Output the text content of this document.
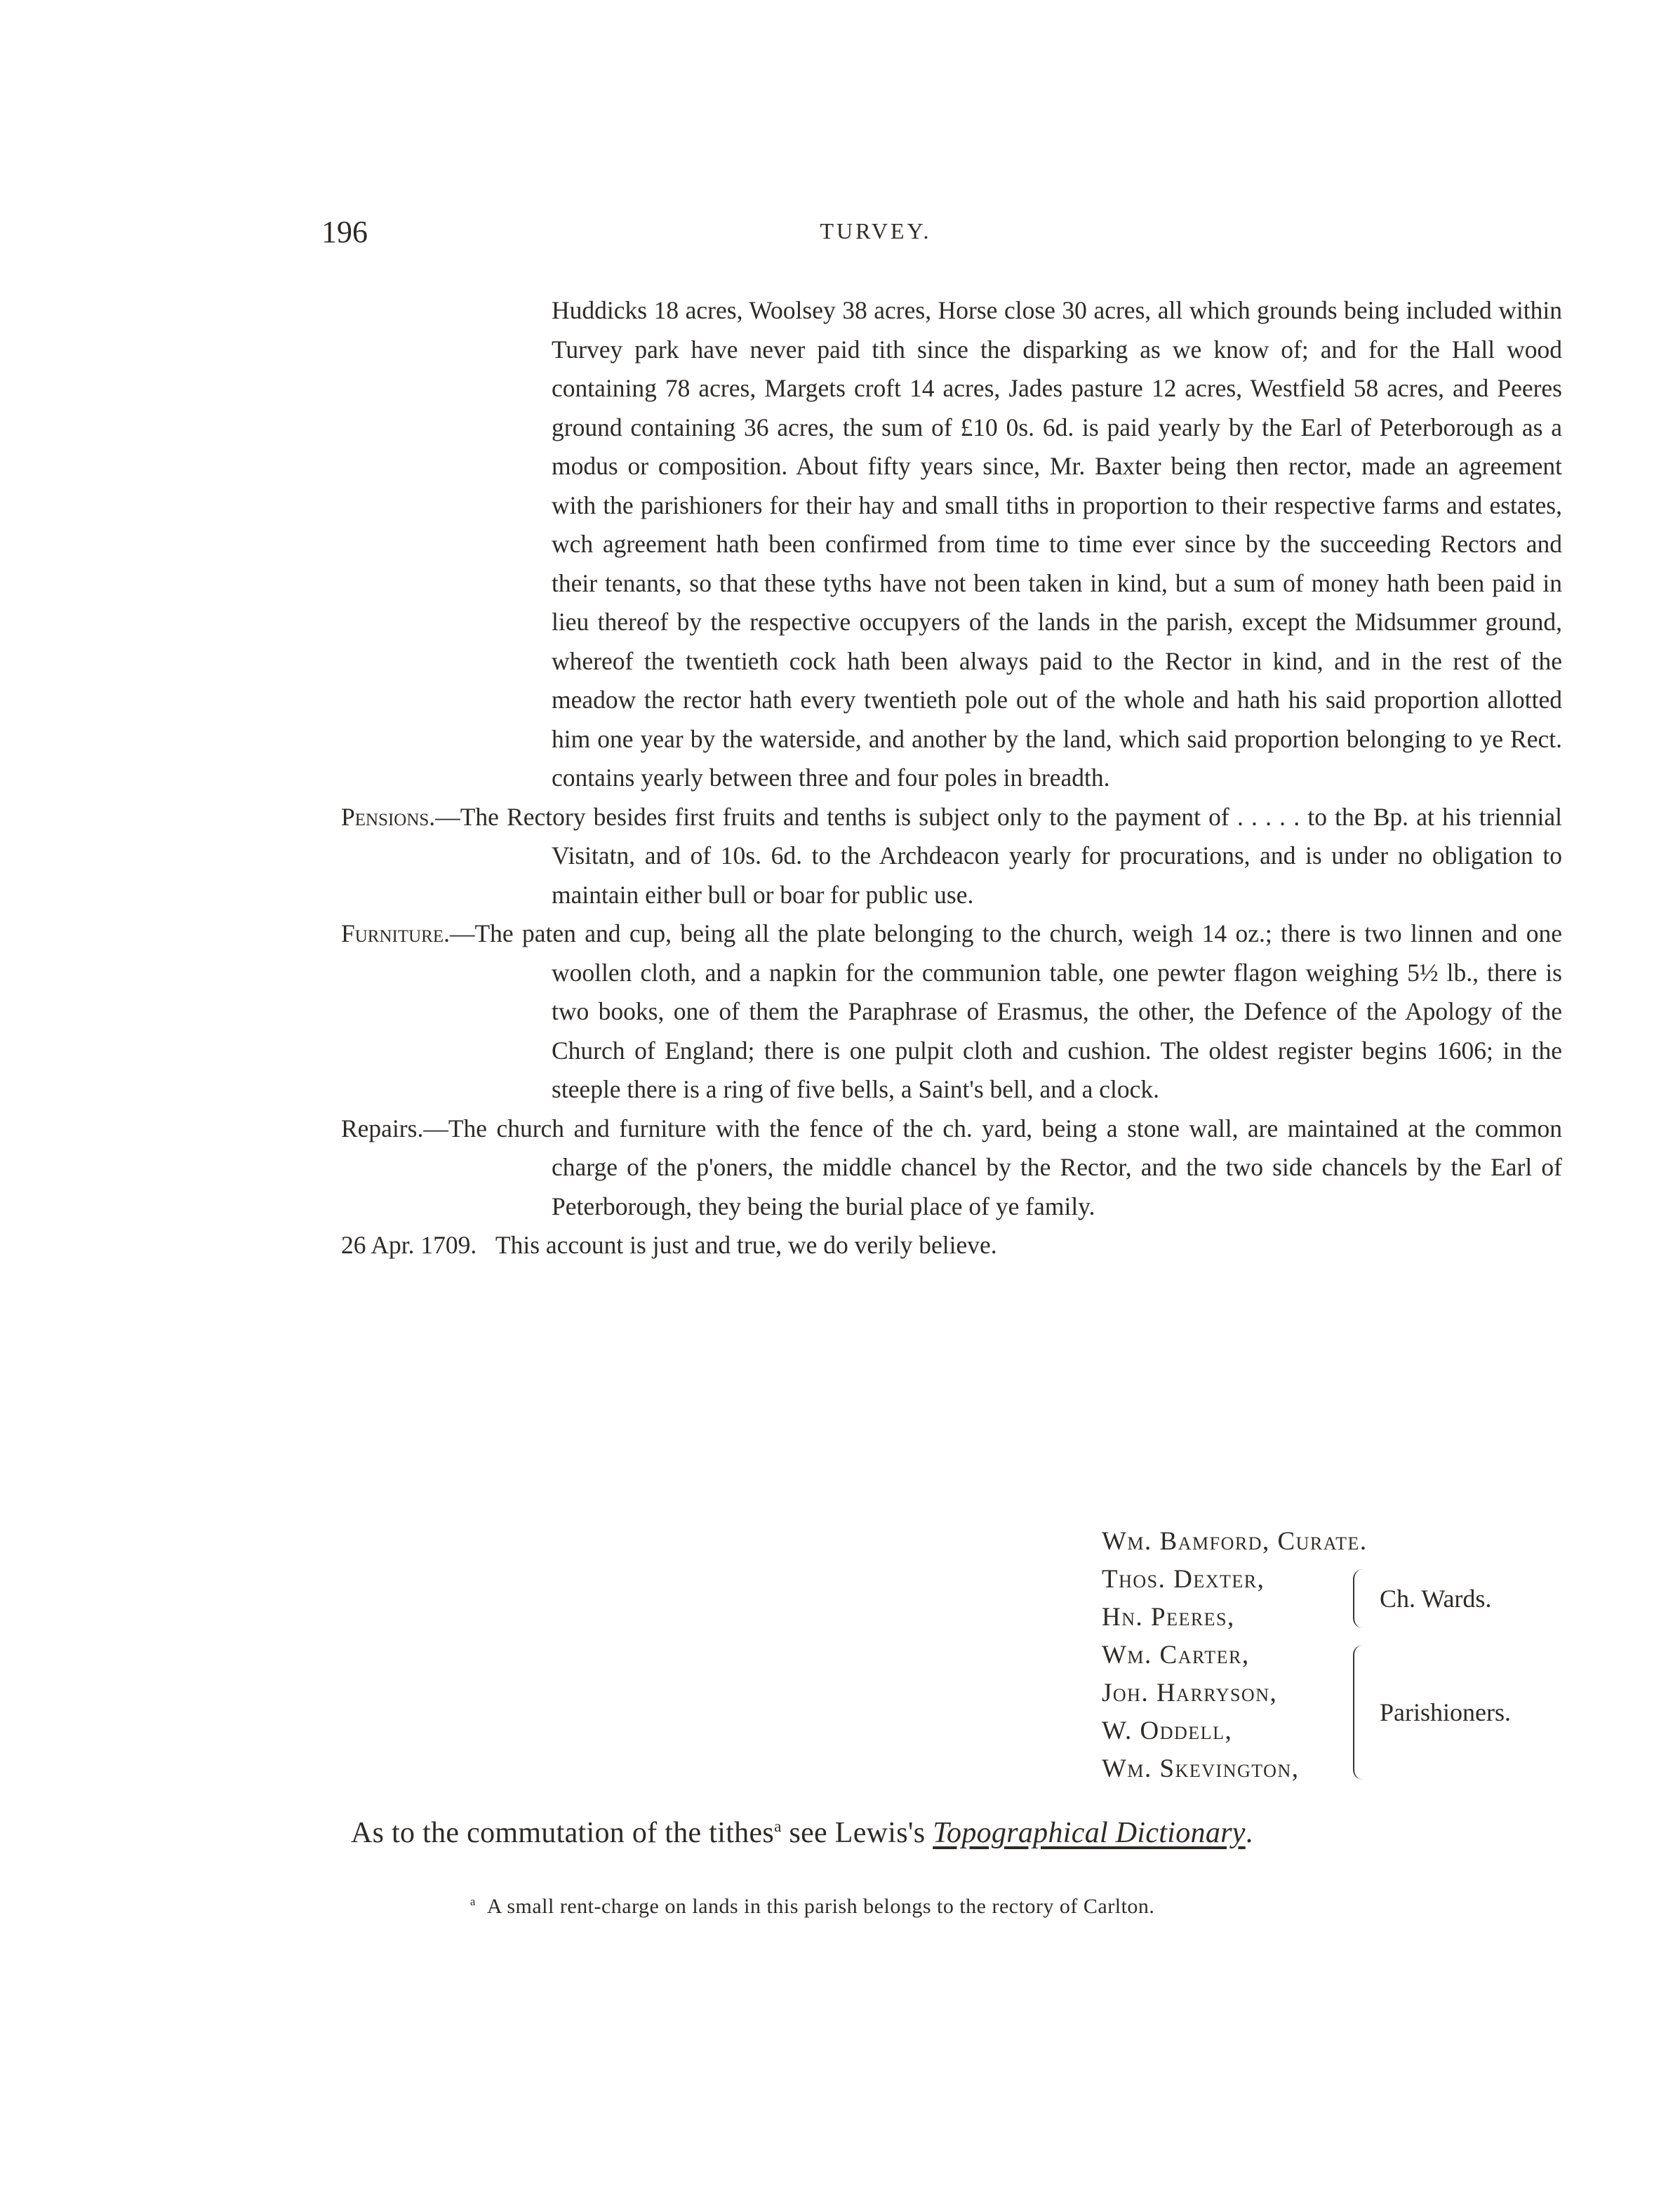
196	TURVEY.

Huddicks 18 acres, Woolsey 38 acres, Horse close 30 acres, all which grounds being included within Turvey park have never paid tith since the disparking as we know of; and for the Hall wood containing 78 acres, Margets croft 14 acres, Jades pasture 12 acres, Westfield 58 acres, and Peeres ground containing 36 acres, the sum of £10 0s. 6d. is paid yearly by the Earl of Peterborough as a modus or composition. About fifty years since, Mr. Baxter being then rector, made an agreement with the parishioners for their hay and small tiths in proportion to their respective farms and estates, wch agreement hath been confirmed from time to time ever since by the succeeding Rectors and their tenants, so that these tyths have not been taken in kind, but a sum of money hath been paid in lieu thereof by the respective occupyers of the lands in the parish, except the Midsummer ground, whereof the twentieth cock hath been always paid to the Rector in kind, and in the rest of the meadow the rector hath every twentieth pole out of the whole and hath his said proportion allotted him one year by the waterside, and another by the land, which said proportion belonging to ye Rect. contains yearly between three and four poles in breadth.

Pensions.—The Rectory besides first fruits and tenths is subject only to the payment of . . . . . to the Bp. at his triennial Visitatn, and of 10s. 6d. to the Archdeacon yearly for procurations, and is under no obligation to maintain either bull or boar for public use.

Furniture.—The paten and cup, being all the plate belonging to the church, weigh 14 oz.; there is two linnen and one woollen cloth, and a napkin for the communion table, one pewter flagon weighing 5½ lb., there is two books, one of them the Paraphrase of Erasmus, the other, the Defence of the Apology of the Church of England; there is one pulpit cloth and cushion. The oldest register begins 1606; in the steeple there is a ring of five bells, a Saint's bell, and a clock.

Repairs.—The church and furniture with the fence of the ch. yard, being a stone wall, are maintained at the common charge of the p'oners, the middle chancel by the Rector, and the two side chancels by the Earl of Peterborough, they being the burial place of ye family.

26 Apr. 1709. This account is just and true, we do verily believe.

Wm. Bamford, Curate.
Thos. Dexter,
Hn. Peeres,
Ch. Wards.
Wm. Carter,
Joh. Harryson,
W. Oddell,
Wm. Skevington,
Parishioners.
As to the commutation of the tithes$^a$ see Lewis's Topographical Dictionary.
$^a$ A small rent-charge on lands in this parish belongs to the rectory of Carlton.
